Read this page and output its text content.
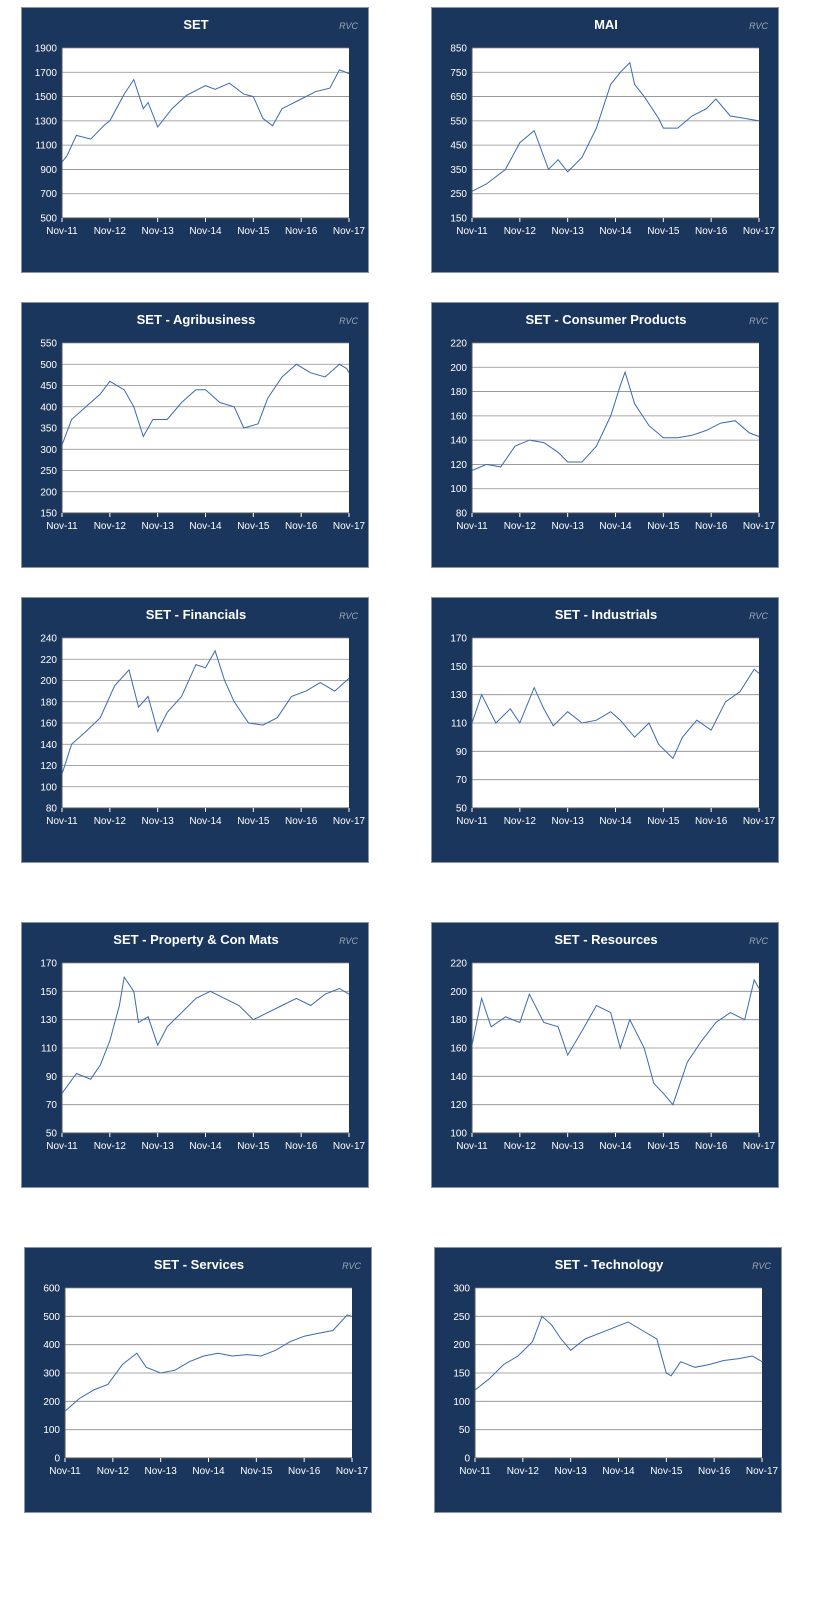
SET	RVC
500
700
900
1100
1300
1500
1700
1900
Nov-11 Nov-12 Nov-13 Nov-14 Nov-15 Nov-16 Nov-17
MAI	RVC
150
250
350
450
550
650
750
850
Nov-11 Nov-12 Nov-13 Nov-14 Nov-15 Nov-16 Nov-17
SET - Agribusiness	RVC
150
200
250
300
350
400
450
500
550
Nov-11 Nov-12 Nov-13 Nov-14 Nov-15 Nov-16 Nov-17
SET - Consumer Products	RVC
80
100
120
140
160
180
200
220
Nov-11 Nov-12 Nov-13 Nov-14 Nov-15 Nov-16 Nov-17
SET - Financials	RVC
80
100
120
140
160
180
200
220
240
Nov-11 Nov-12 Nov-13 Nov-14 Nov-15 Nov-16 Nov-17
SET - Industrials	RVC
50
70
90
110
130
150
170
Nov-11 Nov-12 Nov-13 Nov-14 Nov-15 Nov-16 Nov-17
SET - Property & Con Mats	RVC
50
70
90
110
130
150
170
Nov-11 Nov-12 Nov-13 Nov-14 Nov-15 Nov-16 Nov-17
SET - Resources	RVC
100
120
140
160
180
200
220
Nov-11 Nov-12 Nov-13 Nov-14 Nov-15 Nov-16 Nov-17
SET - Services	RVC
0
100
200
300
400
500
600
Nov-11 Nov-12 Nov-13 Nov-14 Nov-15 Nov-16 Nov-17
SET - Technology	RVC
0
50
100
150
200
250
300
Nov-11 Nov-12 Nov-13 Nov-14 Nov-15 Nov-16 Nov-17
